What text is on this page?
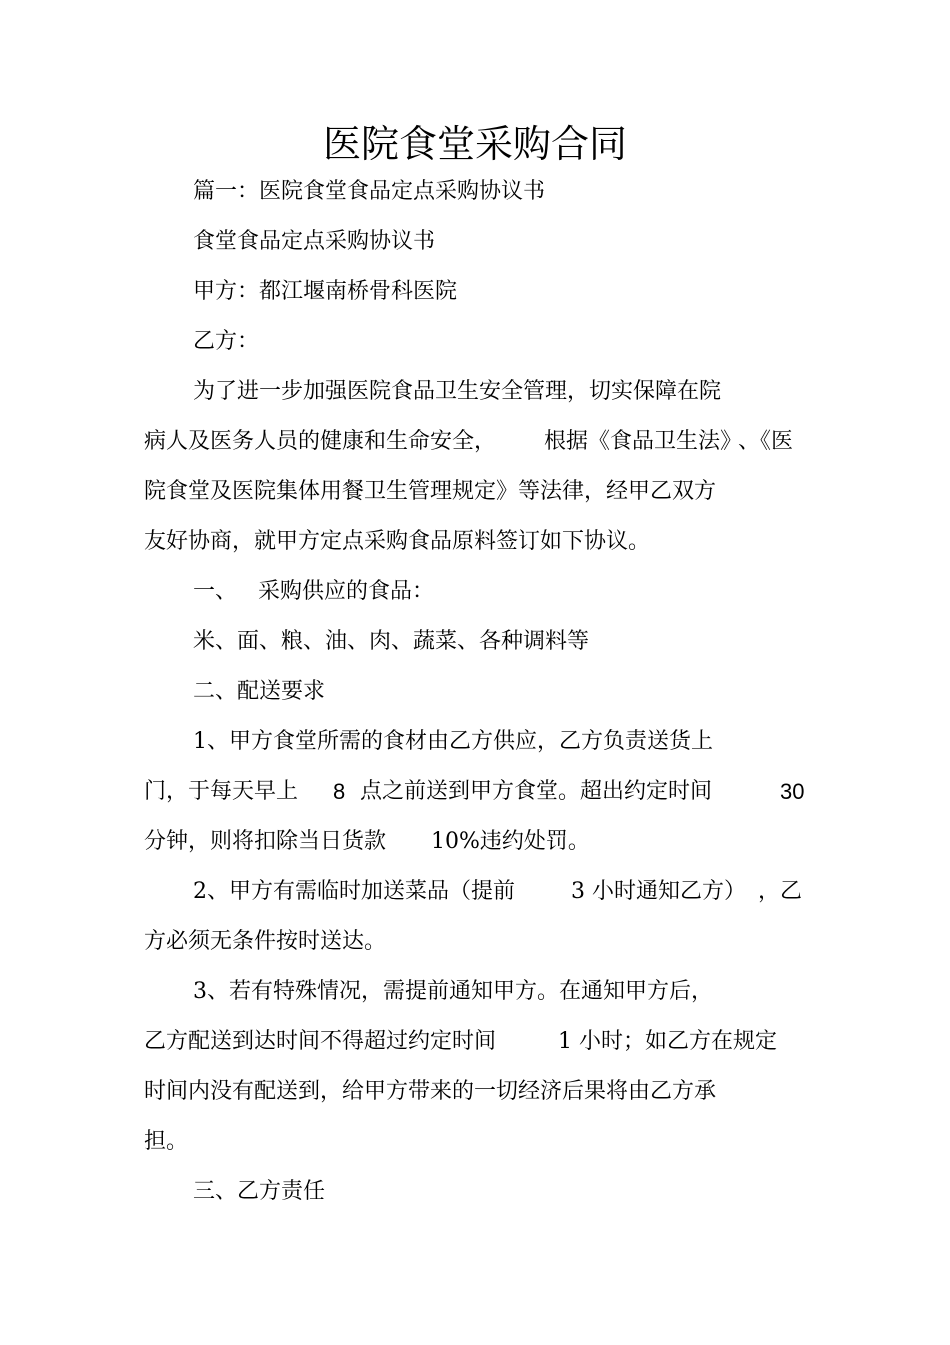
医院食堂采购合同
篇一：医院食堂食品定点采购协议书
食堂食品定点采购协议书
甲方：都江堰南桥骨科医院
乙方：
为了进一步加强医院食品卫生安全管理，切实保障在院
病人及医务人员的健康和生命安全， 根据《食品卫生法》
、《医
院食堂及医院集体用餐卫生管理规定》等法律，经甲乙双方
友好协商，就甲方定点采购食品原料签订如下协议。
一、 采购供应的食品：
米、面、粮、油、肉、蔬菜、各种调料等
二、配送要求
1、甲方食堂所需的食材由乙方供应，乙方负责送货上
门，于每天早上 8 点之前送到甲方食堂。超出约定时间	30
分钟，则将扣除当日货款 10%违约处罚。
2、甲方有需临时加送菜品（提前	3 小时通知乙方） ，乙
方必须无条件按时送达。
3、若有特殊情况，需提前通知甲方。在通知甲方后，
乙方配送到达时间不得超过约定时间	1 小时；如乙方在规定
时间内没有配送到，给甲方带来的一切经济后果将由乙方承
担。
三、乙方责任
